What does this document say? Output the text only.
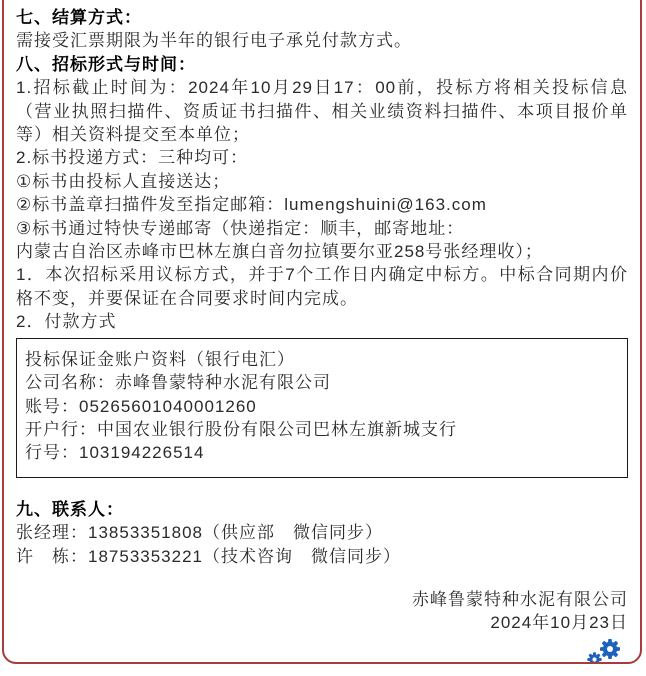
七、结算方式：
需接受汇票期限为半年的银行电子承兑付款方式。
八、招标形式与时间：
1.招标截止时间为：2024年10月29日17：00前，投标方将相关投标信息
（营业执照扫描件、资质证书扫描件、相关业绩资料扫描件、本项目报价单
等）相关资料提交至本单位；
2.标书投递方式：三种均可：
①标书由投标人直接送达；
②标书盖章扫描件发至指定邮箱：lumengshuini@163.com
③标书通过特快专递邮寄（快递指定：顺丰，邮寄地址：
内蒙古自治区赤峰市巴林左旗白音勿拉镇要尔亚258号张经理收）；
1．本次招标采用议标方式，并于7个工作日内确定中标方。中标合同期内价
格不变，并要保证在合同要求时间内完成。
2．付款方式
投标保证金账户资料（银行电汇）
公司名称：赤峰鲁蒙特种水泥有限公司
账号：05265601040001260
开户行：中国农业银行股份有限公司巴林左旗新城支行
行号：103194226514
九、联系人：
张经理：13853351808（供应部　微信同步）
许　栋：18753353221（技术咨询　微信同步）
赤峰鲁蒙特种水泥有限公司
2024年10月23日
